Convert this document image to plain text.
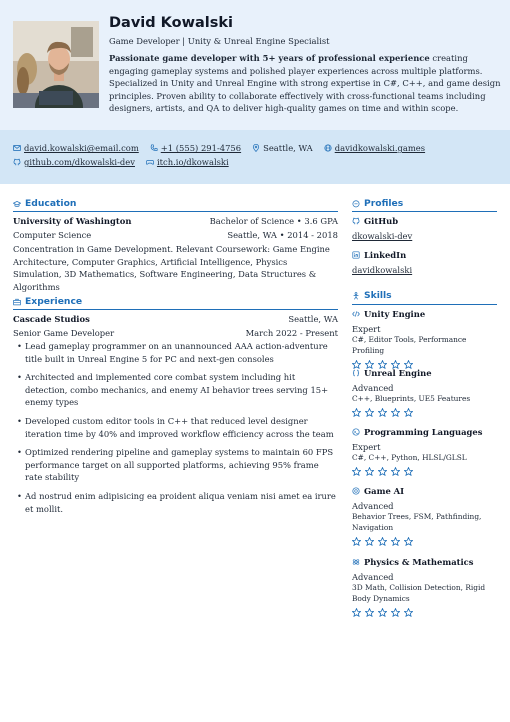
David Kowalski
Game Developer | Unity & Unreal Engine Specialist
Passionate game developer with 5+ years of professional experience creating engaging gameplay systems and polished player experiences across multiple platforms. Specialized in Unity and Unreal Engine with strong expertise in C#, C++, and game design principles. Proven ability to collaborate effectively with cross-functional teams including designers, artists, and QA to deliver high-quality games on time and within scope.
david.kowalski@email.com	+1 (555) 291-4756	Seattle, WA	davidkowalski.games
github.com/dkowalski-dev	itch.io/dkowalski
Education
University of Washington	Bachelor of Science • 3.6 GPA
Computer Science	Seattle, WA • 2014 - 2018
Concentration in Game Development. Relevant Coursework: Game Engine Architecture, Computer Graphics, Artificial Intelligence, Physics Simulation, 3D Mathematics, Software Engineering, Data Structures & Algorithms
Experience
Cascade Studios	Seattle, WA
Senior Game Developer	March 2022 - Present
• Lead gameplay programmer on an unannounced AAA action-adventure title built in Unreal Engine 5 for PC and next-gen consoles
• Architected and implemented core combat system including hit detection, combo mechanics, and enemy AI behavior trees serving 15+ enemy types
• Developed custom editor tools in C++ that reduced level designer iteration time by 40% and improved workflow efficiency across the team
• Optimized rendering pipeline and gameplay systems to maintain 60 FPS performance target on all supported platforms, achieving 95% frame rate stability
• Ad nostrud enim adipisicing ea proident aliqua veniam nisi amet ea irure et mollit.
Profiles
GitHub
dkowalski-dev
LinkedIn
davidkowalski
Skills
Unity Engine
Expert
C#, Editor Tools, Performance Profiling
Unreal Engine
Advanced
C++, Blueprints, UE5 Features
Programming Languages
Expert
C#, C++, Python, HLSL/GLSL
Game AI
Advanced
Behavior Trees, FSM, Pathfinding, Navigation
Physics & Mathematics
Advanced
3D Math, Collision Detection, Rigid Body Dynamics
